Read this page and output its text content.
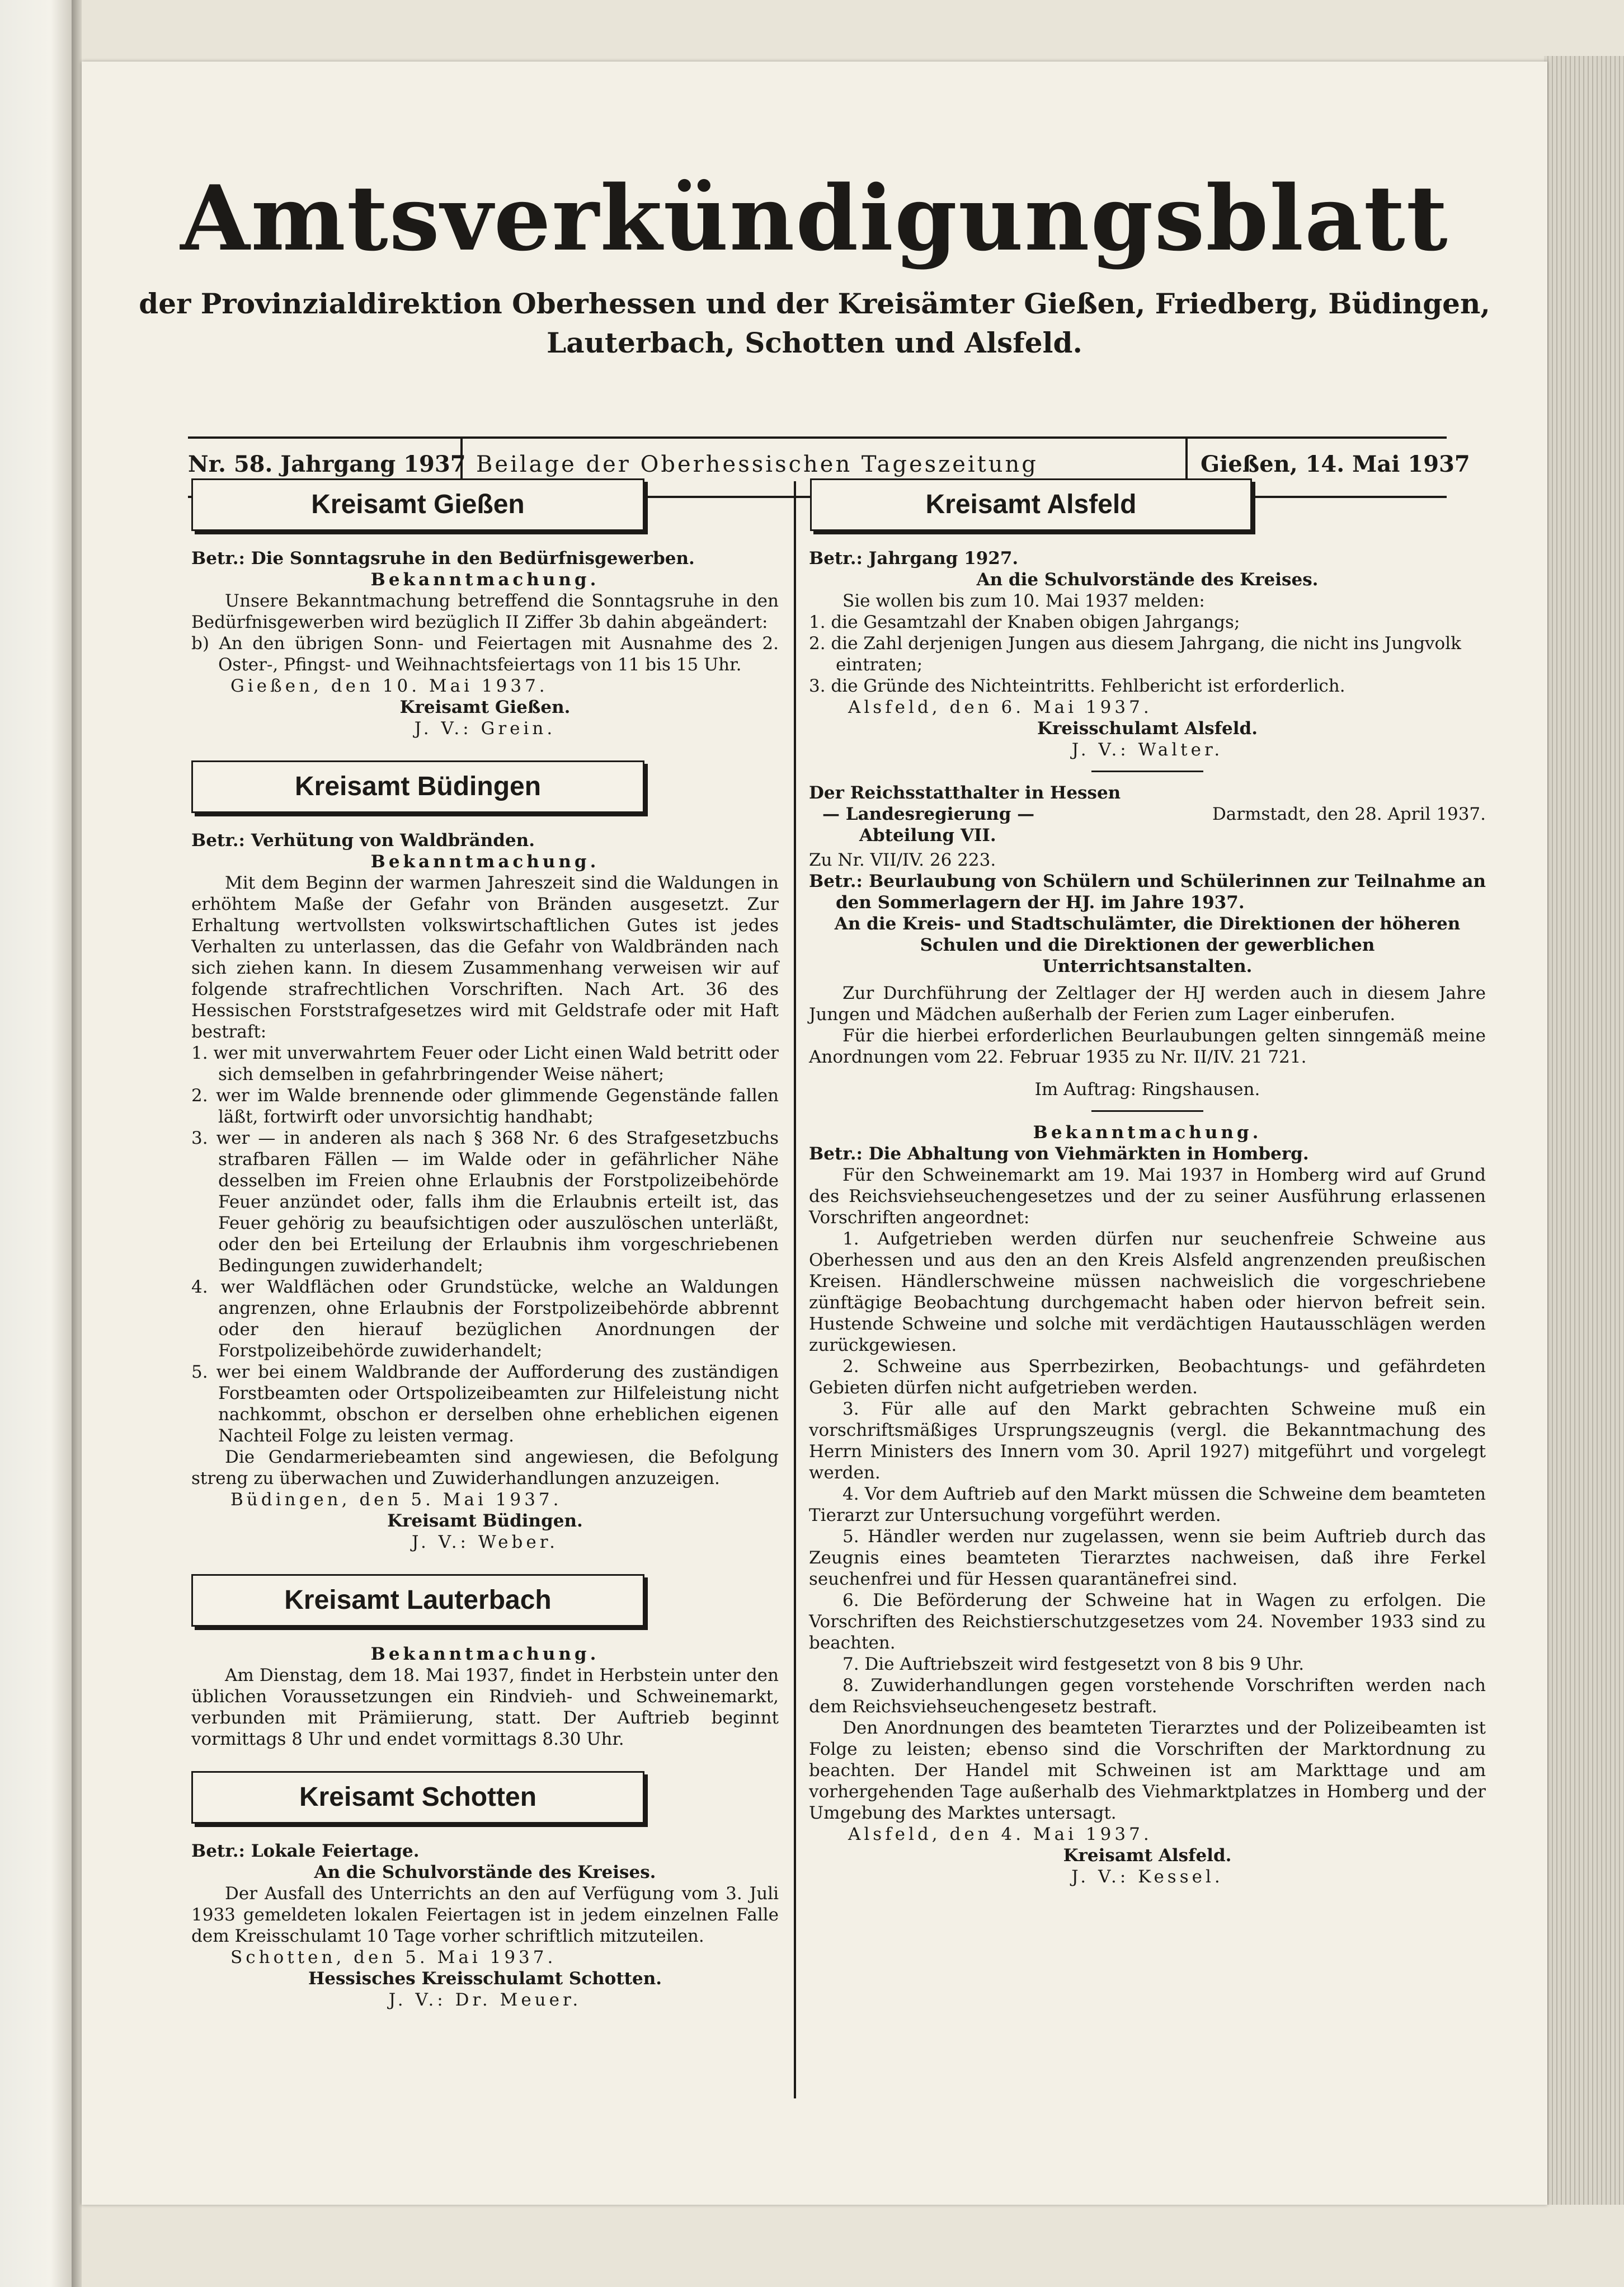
Amtsverkündigungsblatt
der Provinzialdirektion Oberhessen und der Kreisämter Gießen, Friedberg, Büdingen,
Lauterbach, Schotten und Alsfeld.
Nr. 58. Jahrgang 1937 Beilage der Oberhessischen Tageszeitung	Gießen, 14. Mai 1937
Kreisamt Gießen

Betr.: Die Sonntagsruhe in den Bedürfnisgewerben.

Bekanntmachung.

Unsere Bekanntmachung betreffend die Sonntagsruhe in den Bedürfnisgewerben wird bezüglich II Ziffer 3b dahin abgeändert:

b) An den übrigen Sonn- und Feiertagen mit Ausnahme des 2. Oster-, Pfingst- und Weihnachtsfeiertags von 11 bis 15 Uhr.

Gießen, den 10. Mai 1937.

Kreisamt Gießen.

J. V.: Grein.

Kreisamt Büdingen

Betr.: Verhütung von Waldbränden.

Bekanntmachung.

Mit dem Beginn der warmen Jahreszeit sind die Waldungen in erhöhtem Maße der Gefahr von Bränden ausgesetzt. Zur Erhaltung wertvollsten volkswirtschaftlichen Gutes ist jedes Verhalten zu unterlassen, das die Gefahr von Waldbränden nach sich ziehen kann. In diesem Zusammenhang verweisen wir auf folgende strafrechtlichen Vorschriften. Nach Art. 36 des Hessischen Forststrafgesetzes wird mit Geldstrafe oder mit Haft bestraft:

1. wer mit unverwahrtem Feuer oder Licht einen Wald betritt oder sich demselben in gefahrbringender Weise nähert;

2. wer im Walde brennende oder glimmende Gegenstände fallen läßt, fortwirft oder unvorsichtig handhabt;

3. wer — in anderen als nach § 368 Nr. 6 des Strafgesetzbuchs strafbaren Fällen — im Walde oder in gefährlicher Nähe desselben im Freien ohne Erlaubnis der Forstpolizeibehörde Feuer anzündet oder, falls ihm die Erlaubnis erteilt ist, das Feuer gehörig zu beaufsichtigen oder auszulöschen unterläßt, oder den bei Erteilung der Erlaubnis ihm vorgeschriebenen Bedingungen zuwiderhandelt;

4. wer Waldflächen oder Grundstücke, welche an Waldungen angrenzen, ohne Erlaubnis der Forstpolizeibehörde abbrennt oder den hierauf bezüglichen Anordnungen der Forstpolizeibehörde zuwiderhandelt;

5. wer bei einem Waldbrande der Aufforderung des zuständigen Forstbeamten oder Ortspolizeibeamten zur Hilfeleistung nicht nachkommt, obschon er derselben ohne erheblichen eigenen Nachteil Folge zu leisten vermag.

Die Gendarmeriebeamten sind angewiesen, die Befolgung streng zu überwachen und Zuwiderhandlungen anzuzeigen.

Büdingen, den 5. Mai 1937.

Kreisamt Büdingen.

J. V.: Weber.

Kreisamt Lauterbach

Bekanntmachung.

Am Dienstag, dem 18. Mai 1937, findet in Herbstein unter den üblichen Voraussetzungen ein Rindvieh- und Schweinemarkt, verbunden mit Prämiierung, statt. Der Auftrieb beginnt vormittags 8 Uhr und endet vormittags 8.30 Uhr.

Kreisamt Schotten

Betr.: Lokale Feiertage.

An die Schulvorstände des Kreises.

Der Ausfall des Unterrichts an den auf Verfügung vom 3. Juli 1933 gemeldeten lokalen Feiertagen ist in jedem einzelnen Falle dem Kreisschulamt 10 Tage vorher schriftlich mitzuteilen.

Schotten, den 5. Mai 1937.

Hessisches Kreisschulamt Schotten.

J. V.: Dr. Meuer.

Kreisamt Alsfeld

Betr.: Jahrgang 1927.

An die Schulvorstände des Kreises.

Sie wollen bis zum 10. Mai 1937 melden:

1. die Gesamtzahl der Knaben obigen Jahrgangs;

2. die Zahl derjenigen Jungen aus diesem Jahrgang, die nicht ins Jungvolk eintraten;

3. die Gründe des Nichteintritts. Fehlbericht ist erforderlich.

Alsfeld, den 6. Mai 1937.

Kreisschulamt Alsfeld.

J. V.: Walter.

Der Reichsstatthalter in Hessen

— Landesregierung —

Abteilung VII.

Darmstadt, den 28. April 1937.

Zu Nr. VII/IV. 26 223.

Betr.: Beurlaubung von Schülern und Schülerinnen zur Teilnahme an den Sommerlagern der HJ. im Jahre 1937.

An die Kreis- und Stadtschulämter, die Direktionen der höheren Schulen und die Direktionen der gewerblichen Unterrichtsanstalten.

Zur Durchführung der Zeltlager der HJ werden auch in diesem Jahre Jungen und Mädchen außerhalb der Ferien zum Lager einberufen.

Für die hierbei erforderlichen Beurlaubungen gelten sinngemäß meine Anordnungen vom 22. Februar 1935 zu Nr. II/IV. 21 721.

Im Auftrag: Ringshausen.

Bekanntmachung.

Betr.: Die Abhaltung von Viehmärkten in Homberg.

Für den Schweinemarkt am 19. Mai 1937 in Homberg wird auf Grund des Reichsviehseuchengesetzes und der zu seiner Ausführung erlassenen Vorschriften angeordnet:

1. Aufgetrieben werden dürfen nur seuchenfreie Schweine aus Oberhessen und aus den an den Kreis Alsfeld angrenzenden preußischen Kreisen. Händlerschweine müssen nachweislich die vorgeschriebene zünftägige Beobachtung durchgemacht haben oder hiervon befreit sein. Hustende Schweine und solche mit verdächtigen Hautausschlägen werden zurückgewiesen.

2. Schweine aus Sperrbezirken, Beobachtungs- und gefährdeten Gebieten dürfen nicht aufgetrieben werden.

3. Für alle auf den Markt gebrachten Schweine muß ein vorschriftsmäßiges Ursprungszeugnis (vergl. die Bekanntmachung des Herrn Ministers des Innern vom 30. April 1927) mitgeführt und vorgelegt werden.

4. Vor dem Auftrieb auf den Markt müssen die Schweine dem beamteten Tierarzt zur Untersuchung vorgeführt werden.

5. Händler werden nur zugelassen, wenn sie beim Auftrieb durch das Zeugnis eines beamteten Tierarztes nachweisen, daß ihre Ferkel seuchenfrei und für Hessen quarantänefrei sind.

6. Die Beförderung der Schweine hat in Wagen zu erfolgen. Die Vorschriften des Reichstierschutzgesetzes vom 24. November 1933 sind zu beachten.

7. Die Auftriebszeit wird festgesetzt von 8 bis 9 Uhr.

8. Zuwiderhandlungen gegen vorstehende Vorschriften werden nach dem Reichsviehseuchengesetz bestraft.

Den Anordnungen des beamteten Tierarztes und der Polizeibeamten ist Folge zu leisten; ebenso sind die Vorschriften der Marktordnung zu beachten. Der Handel mit Schweinen ist am Markttage und am vorhergehenden Tage außerhalb des Viehmarktplatzes in Homberg und der Umgebung des Marktes untersagt.

Alsfeld, den 4. Mai 1937.

Kreisamt Alsfeld.

J. V.: Kessel.
